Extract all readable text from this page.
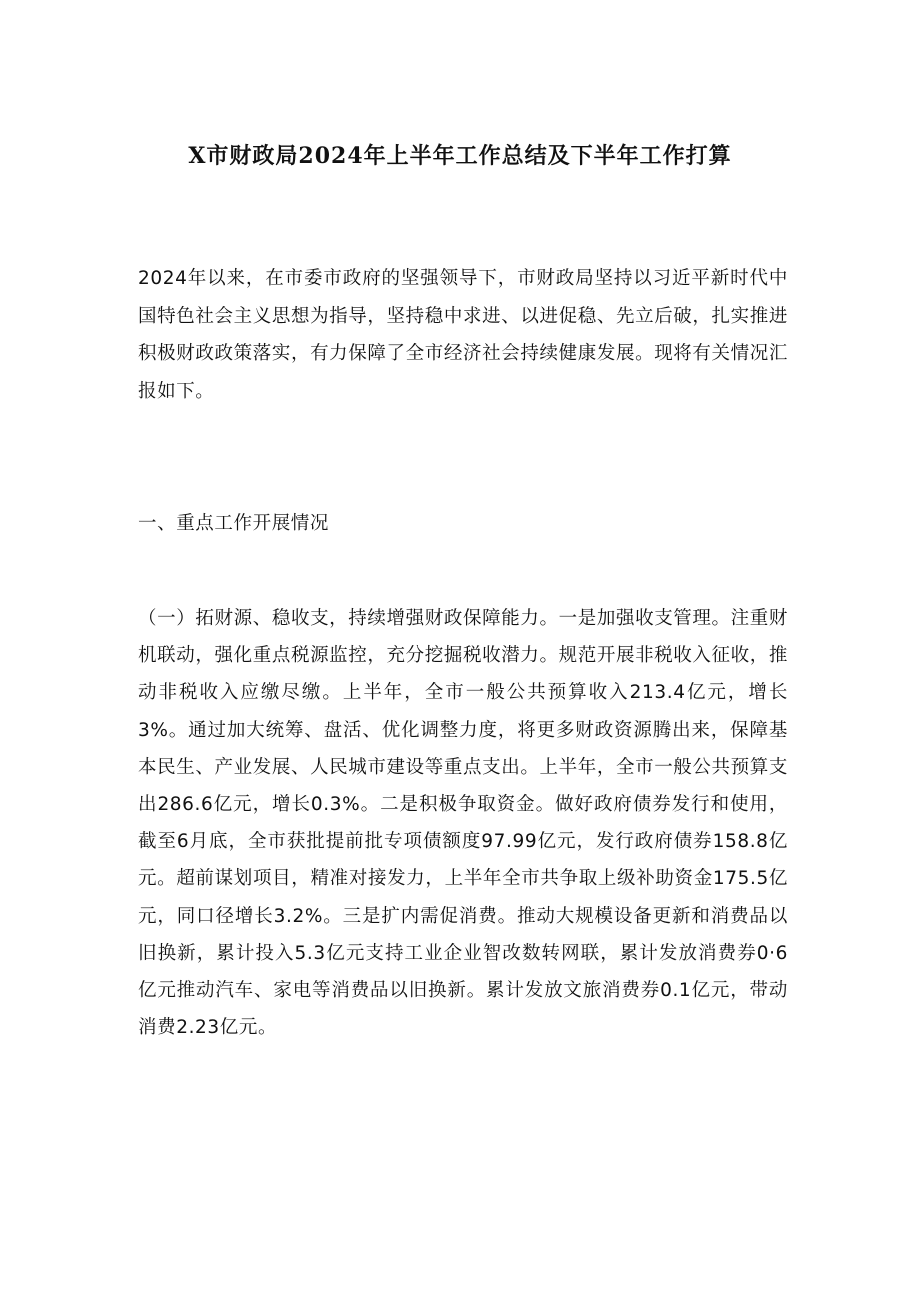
X市财政局2024年上半年工作总结及下半年工作打算

2024年以来，在市委市政府的坚强领导下，市财政局坚持以习近平新时代中国特色社会主义思想为指导，坚持稳中求进、以进促稳、先立后破，扎实推进积极财政政策落实，有力保障了全市经济社会持续健康发展。现将有关情况汇报如下。

一、重点工作开展情况

（一）拓财源、稳收支，持续增强财政保障能力。一是加强收支管理。注重财机联动，强化重点税源监控，充分挖掘税收潜力。规范开展非税收入征收，推动非税收入应缴尽缴。上半年，全市一般公共预算收入213.4亿元，增长3%。通过加大统筹、盘活、优化调整力度，将更多财政资源腾出来，保障基本民生、产业发展、人民城市建设等重点支出。上半年，全市一般公共预算支出286.6亿元，增长0.3%。二是积极争取资金。做好政府债券发行和使用，截至6月底，全市获批提前批专项债额度97.99亿元，发行政府债券158.8亿元。超前谋划项目，精准对接发力，上半年全市共争取上级补助资金175.5亿元，同口径增长3.2%。三是扩内需促消费。推动大规模设备更新和消费品以旧换新，累计投入5.3亿元支持工业企业智改数转网联，累计发放消费券0·6亿元推动汽车、家电等消费品以旧换新。累计发放文旅消费券0.1亿元，带动消费2.23亿元。
